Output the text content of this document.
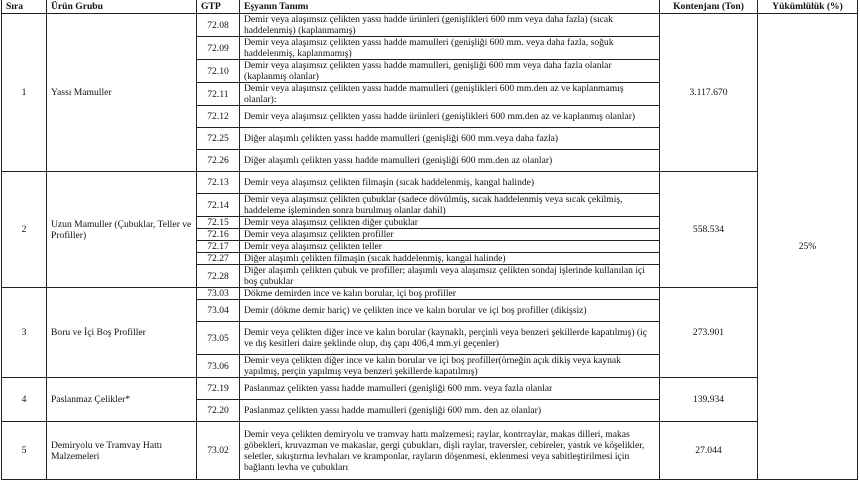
Sıra	Ürün Grubu	GTP	Eşyanın Tanımı	Kontenjanı (Ton)	Yükümlülük (%)
1	Yassı Mamuller	72.08	Demir veya alaşımsız çelikten yassı hadde ürünleri (genişlikleri 600 mm veya daha fazla) (sıcak haddelenmiş) (kaplanmamış)	3.117.670	25%
		72.09	Demir veya alaşımsız çelikten yassı hadde mamulleri (genişliği 600 mm. veya daha fazla, soğuk haddelenmiş, kaplanmamış)		
		72.10	Demir veya alaşımsız çelikten yassı hadde mamulleri, genişliği 600 mm veya daha fazla olanlar (kaplanmış olanlar)		
		72.11	Demir veya alaşımsız çelikten yassı hadde mamulleri (genişlikleri 600 mm.den az ve kaplanmamış olanlar):		
		72.12	Demir veya alaşımsız çelikten yassı hadde ürünleri (genişlikleri 600 mm.den az ve kaplanmış olanlar)		
		72.25	Diğer alaşımlı çelikten yassı hadde mamulleri (genişliği 600 mm.veya daha fazla)		
		72.26	Diğer alaşımlı çelikten yassı hadde mamulleri (genişliği 600 mm.den az olanlar)		
2	Uzun Mamuller (Çubuklar, Teller ve Profiller)	72.13	Demir veya alaşımsız çelikten filmaşin (sıcak haddelenmiş, kangal halinde)	558.534	
		72.14	Demir veya alaşımsız çelikten çubuklar (sadece dövülmüş, sıcak haddelenmiş veya sıcak çekilmiş, haddeleme işleminden sonra burulmuş olanlar dahil)		
		72.15	Demir veya alaşımsız çelikten diğer çubuklar		
		72.16	Demir veya alaşımsız çelikten profiller		
		72.17	Demir veya alaşımsız çelikten teller		
		72.27	Diğer alaşımlı çelikten filmaşin (sıcak haddelenmiş, kangal halinde)		
		72.28	Diğer alaşımlı çelikten çubuk ve profiller; alaşımlı veya alaşımsız çelikten sondaj işlerinde kullanılan içi boş çubuklar		
3	Boru ve İçi Boş Profiller	73.03	Dökme demirden ince ve kalın borular, içi boş profiller	273.901	
		73.04	Demir (dökme demir hariç) ve çelikten ince ve kalın borular ve içi boş profiller (dikişsiz)		
		73.05	Demir veya çelikten diğer ince ve kalın borular (kaynaklı, perçinli veya benzeri şekillerde kapatılmış) (iç ve dış kesitleri daire şeklinde olup, dış çapı 406,4 mm.yi geçenler)		
		73.06	Demir veya çelikten diğer ince ve kalın borular ve içi boş profiller(örneğin açık dikiş veya kaynak yapılmış, perçin yapılmış veya benzeri şekillerde kapatılmış)		
4	Paslanmaz Çelikler*	72.19	Paslanmaz çelikten yassı hadde mamulleri (genişliği 600 mm. veya fazla olanlar	139.934	
		72.20	Paslanmaz çelikten yassı hadde mamulleri (genişliği 600 mm. den az olanlar)		
5	Demiryolu ve Tramvay Hattı Malzemeleri	73.02	Demir veya çelikten demiryolu ve tramvay hattı malzemesi; raylar, kontrraylar, makas dilleri, makas göbekleri, kruvazman ve makaslar, gergi çubukları, dişli raylar, traversler, cebireler, yastık ve köşelikler, seletler, sıkıştırma levhaları ve kramponlar, rayların döşenmesi, eklenmesi veya sabitleştirilmesi için bağlantı levha ve çubukları	27.044	
